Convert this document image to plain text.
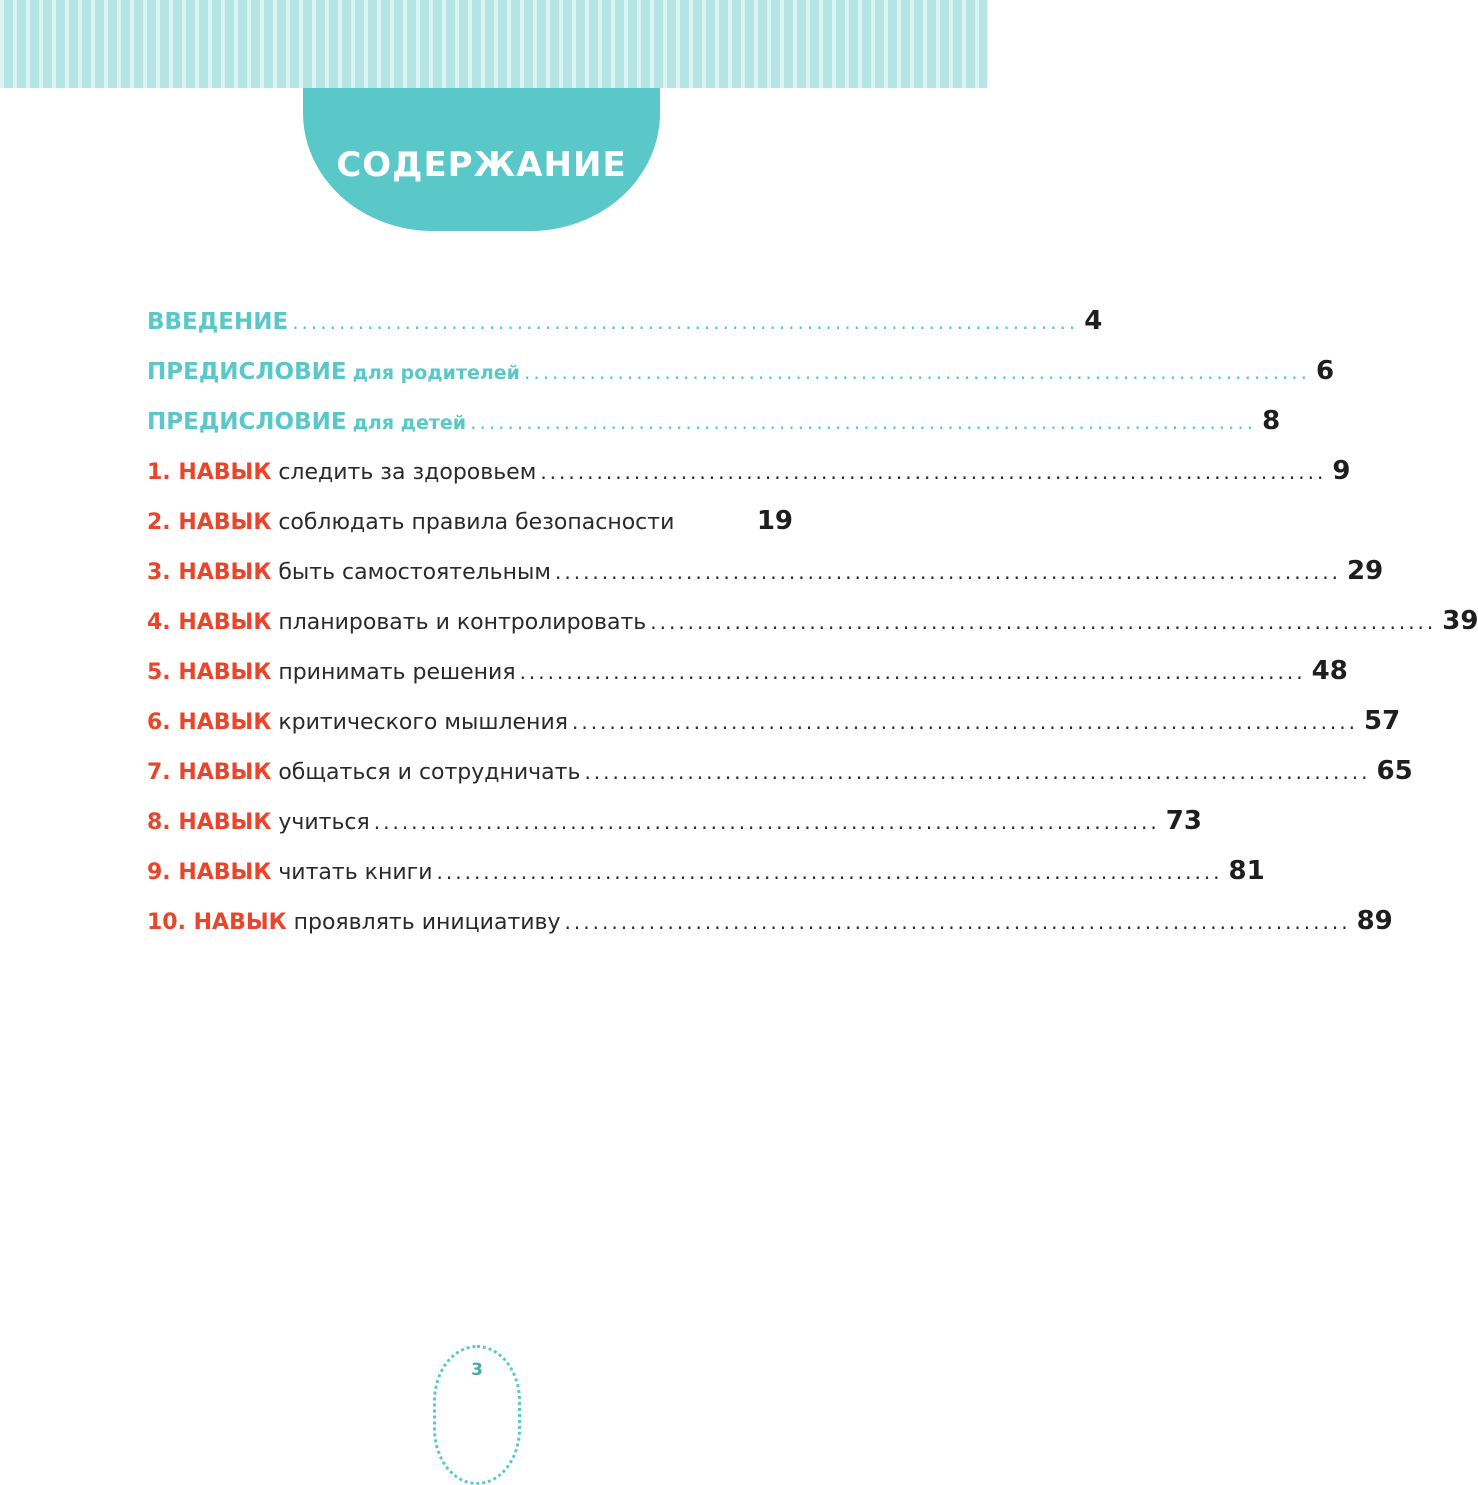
СОДЕРЖАНИЕ
ВВЕДЕНИЕ .................................................................................... 4
ПРЕДИСЛОВИЕ для родителей .................................................................................... 6
ПРЕДИСЛОВИЕ для детей .................................................................................... 8
1. НАВЫК следить за здоровьем .................................................................................... 9
2. НАВЫК соблюдать правила безопасности	19
3. НАВЫК быть самостоятельным .................................................................................... 29
4. НАВЫК планировать и контролировать .................................................................................... 39
5. НАВЫК принимать решения .................................................................................... 48
6. НАВЫК критического мышления .................................................................................... 57
7. НАВЫК общаться и сотрудничать .................................................................................... 65
8. НАВЫК учиться .................................................................................... 73
9. НАВЫК читать книги .................................................................................... 81
10. НАВЫК проявлять инициативу .................................................................................... 89
3
